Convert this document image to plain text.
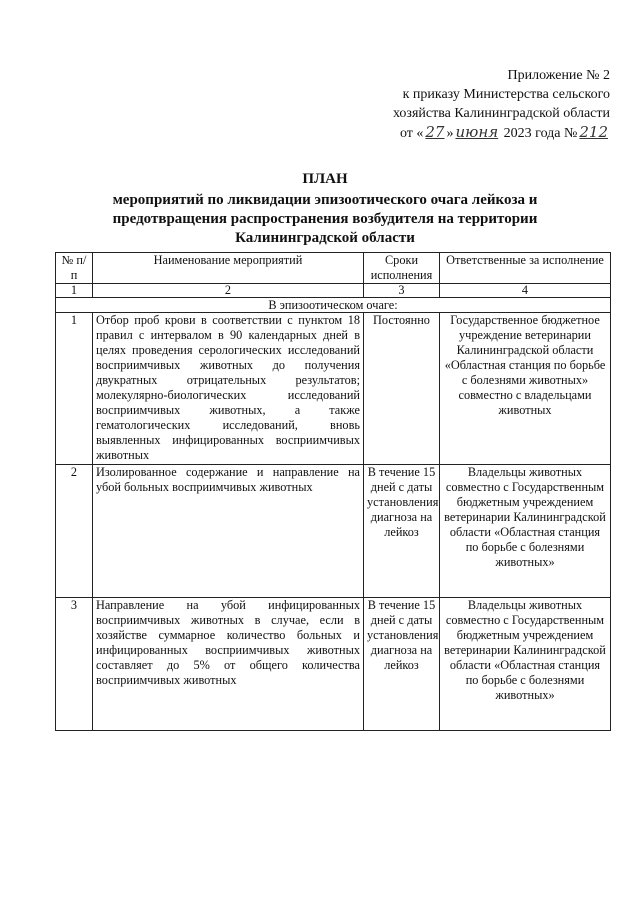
Приложение № 2
к приказу Министерства сельского
хозяйства Калининградской области
от « 27 » июня 2023 года № 212
ПЛАН
мероприятий по ликвидации эпизоотического очага лейкоза и предотвращения распространения возбудителя на территории Калининградской области
№ п/п	Наименование мероприятий	Сроки исполнения	Ответственные за исполнение
1	2	3	4
В эпизоотическом очаге:			
1	Отбор проб крови в соответствии с пунктом 18 правил с интервалом в 90 календарных дней в целях проведения серологических исследований восприимчивых животных до получения двукратных отрицательных результатов; молекулярно-биологических исследований восприимчивых животных, а также гематологических исследований, вновь выявленных инфицированных восприимчивых животных	Постоянно	Государственное бюджетное учреждение ветеринарии Калининградской области «Областная станция по борьбе с болезнями животных» совместно с владельцами животных
2	Изолированное содержание и направление на убой больных восприимчивых животных	В течение 15 дней с даты установления диагноза на лейкоз	Владельцы животных совместно с Государственным бюджетным учреждением ветеринарии Калининградской области «Областная станция по борьбе с болезнями животных»
3	Направление на убой инфицированных восприимчивых животных в случае, если в хозяйстве суммарное количество больных и инфицированных восприимчивых животных составляет до 5% от общего количества восприимчивых животных	В течение 15 дней с даты установления диагноза на лейкоз	Владельцы животных совместно с Государственным бюджетным учреждением ветеринарии Калининградской области «Областная станция по борьбе с болезнями животных»
